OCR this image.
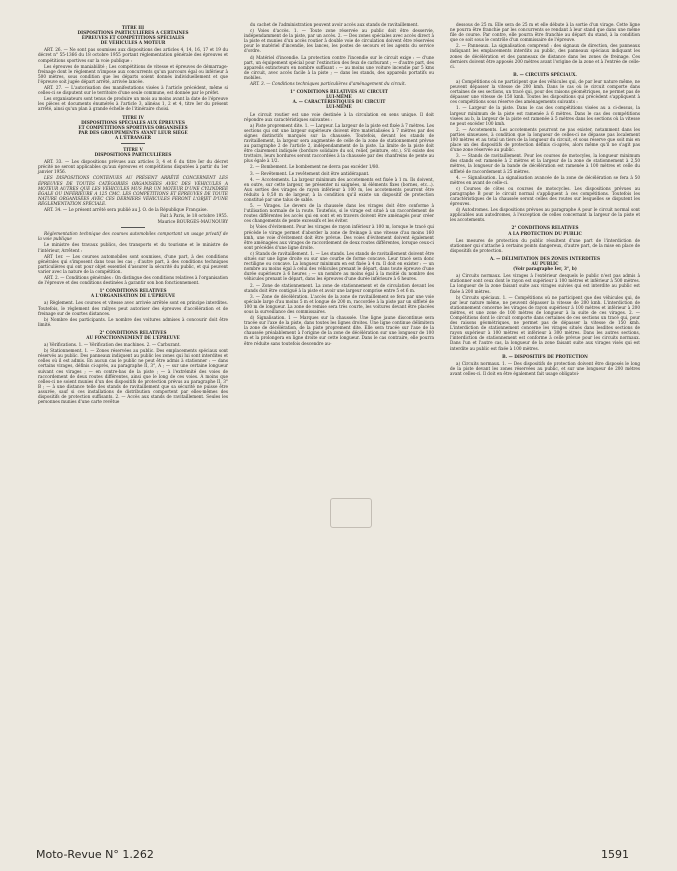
TITRE III
DISPOSITIONS PARTICULIÈRES A CERTAINES
ÉPREUVES ET COMPÉTITIONS SPÉCIALES
DE VÉHICULES A MOTEUR

ART. 26. — Ne sont pas soumises aux dispositions des articles 4, 14, 16, 17 et 19 du décret n° 55-1366 du 18 octobre 1955 portant réglementation générale des épreuves et compétitions sportives sur la voie publique :

Les épreuves de maniabilité ; Les compétitions de vitesse et épreuves de démarrage-freinage dont le règlement n'impose aux concurrents qu'un parcours égal ou inférieur à 500 mètres, sous condition que les départs soient donnés individuellement et que l'épreuve soit jugée départ arrêté, arrivée lancée.

ART. 27. — L'autorisation des manifestations visées à l'article précédent, même si celles-ci se disputent sur le territoire d'une seule commune, est donnée par le préfet.

Les organisateurs sont tenus de produire un mois au moins avant la date de l'épreuve les pièces et documents énumérés à l'article 3, alinéas 1, 2 et 4, titre Ier du présent arrêté, ainsi qu'un plan à grande échelle de l'itinéraire choisi.

TITRE IV
DISPOSITIONS SPÉCIALES AUX ÉPREUVES
ET COMPÉTITIONS SPORTIVES ORGANISÉES
PAR DES GROUPEMENTS AYANT LEUR SIÈGE
A L'ÉTRANGER
TITRE V
DISPOSITIONS PARTICULIÈRES

ART. 33. — Les dispositions prévues aux articles 3, 4 et 6 du titre Ier du décret précité ne seront applicables qu'aux épreuves et compétitions disputées à partir du 1er janvier 1956.

LES DISPOSITIONS CONTENUES AU PRÉSENT ARRÊTÉ CONCERNENT LES ÉPREUVES DE TOUTES CATÉGORIES ORGANISÉES AVEC DES VÉHICULES A MOTEUR AUTRES QUE LES VÉHICULES MUS PAR UN MOTEUR D'UNE CYLINDRÉE ÉGALE OU INFÉRIEURE A 125 CMC. LES COMPÉTITIONS ET ÉPREUVES DE TOUTE NATURE ORGANISÉES AVEC CES DERNIERS VÉHICULES FERONT L'OBJET D'UNE RÉGLEMENTATION SPÉCIALE.

ART. 34. — Le présent arrêté sera publié au J. O. de la République Française.

Fait à Paris, le 18 octobre 1955.

Maurice BOURGES-MAUNOURY

Réglementation technique des courses automobiles comportant un usage privatif de la voie publique

Le ministre des travaux publics, des transports et du tourisme et le ministre de l'intérieur, Arrêtent :

ART 1er. — Les courses automobiles sont soumises, d'une part, à des conditions générales qui s'imposent dans tous les cas ; d'autre part, à des conditions techniques particulières qui ont pour objet essentiel d'assurer la sécurité du public, et qui peuvent varier avec la nature de la compétition.

ART. 2. — Conditions générales : On distingue des conditions relatives à l'organisation de l'épreuve et des conditions destinées à garantir son bon fonctionnement.

1° CONDITIONS RELATIVES
A L'ORGANISATION DE L'ÉPREUVE

a) Règlement. Les courses et vitesse avec arrivée arrêtée sont en principe interdites. Toutefois, le règlement des rallyes peut autoriser des épreuves d'accélération et de freinage sur de courtes distances.

b) Nombre des participants. Le nombre des voitures admises à concourir doit être limité.

2° CONDITIONS RELATIVES
AU FONCTIONNEMENT DE L'ÉPREUVE

a) Vérifications. 1. — Vérification des machines. 2. — Carburant.

b) Stationnement. 1. — Zones réservées au public. Des emplacements spéciaux sont réservés au public. Des panneaux indiquent au public les zones qui lui sont interdites et celles où il est admis. En aucun cas le public ne peut être admis à stationner : — dans certains virages, définis ci-après, au paragraphe II, 3°, A ; — sur une certaine longueur suivant ces virages ; — en contre-bas de la piste ; — à l'extrémité des voies de raccordement de deux routes différentes, ainsi que le long de ces voies. A moins que celles-ci ne soient munies d'un des dispositifs de protection prévus au paragraphe II, 3° B ; — à une distance telle des stands de ravitaillement que sa sécurité ne puisse être assurée, sauf si ces installations de distribution comportent par elles-mêmes des dispositifs de protection suffisants. 2. — Accès aux stands de ravitaillement. Seules les personnes munies d'une carte revêtue

du cachet de l'administration peuvent avoir accès aux stands de ravitaillement.

c) Voies d'accès. 1. — Toute zone réservée au public doit être desservie, indépendamment de la piste, par un accès. 2. — Des zones spéciales avec accès direct à la piste et munies d'un accès routier à double voie de circulation doivent être réservées pour le matériel d'incendie, les lances, les postes de secours et les agents du service d'ordre.

d) Matériel d'incendie. La protection contre l'incendie sur le circuit exige : — d'une part, un équipement spécial pour l'extinction des feux de carburant ; — d'autre part, des appareils extincteurs en nombre suffisant : — au moins une voiture incendie par 5 kms de circuit, avec accès facile à la piste ; — dans les stands, des appareils portatifs ou mobiles.

ART. 3. — Conditions techniques particulières d'aménagement du circuit.

1° CONDITIONS RELATIVES AU CIRCUIT
LUI-MÊME
A. — CARACTÉRISTIQUES DU CIRCUIT
LUI-MÊME

Le circuit routier est une voie destinée à la circulation en sens unique. Il doit répondre aux caractéristiques suivantes :

a) Piste proprement dite. 1. — Largeur. La largeur de la piste est fixée à 7 mètres. Les sections qui ont une largeur supérieure doivent être matérialisées à 7 mètres par des signes distinctifs marqués sur la chaussée. Toutefois, devant les stands de ravitaillement, la largeur sera augmentée de celle de la zone de stationnement prévue au paragraphe 2 de l'article 2, indépendamment de la piste. La limite de la piste doit être clairement indiquée (bordure solidaire du sol, relief, peinture, etc.). S'il existe des trottoirs, leurs bordures seront raccordées à la chaussée par des chanfreins de pente au plus égale à 1/2.

2. — Bombement. Le bombement ne devra pas excéder 1/80.

3. — Revêtement. Le revêtement doit être antidérapant.

4. — Accotements. La largeur minimum des accotements est fixée à 1 m. Ils doivent, en outre, sur cette largeur, ne présenter ni saignées, ni éléments fixes (bornes, etc...). Aux sorties des virages de rayon inférieur à 100 m, les accotements pourront être réduits à 0,50 m de largeur, à la condition qu'il existe un dispositif de protection constitué par une talus de sable.

5. — Virages. Le devers de la chaussée dans les virages doit être conforme à l'utilisation normale de la route. Toutefois, si le virage est situé à un raccordement de routes différentes les accès qui en sont et en travers doivent être aménagés pour créer ces changements de pente excessifs et les éviter.

b) Voies d'évitement. Pour les virages de rayon inférieur à 100 m, lorsque le tracé qui précède le virage permet d'aborder la zone de freinage à une vitesse d'au moins 160 kmh, une voie d'évitement doit être prévue. Des voies d'évitement doivent également être aménagées aux virages de raccordement de deux routes différentes, lorsque ceux-ci sont précédés d'une ligne droite.

c) Stands de ravitaillement. 1. — Les stands. Les stands de ravitaillement doivent être situés sur une ligne droite ou sur une courbe de forme concave. Leur tracé sera donc rectiligne ou concave. La longueur minimum en est fixée à 4 m. Il doit en exister : — un nombre au moins égal à celui des véhicules prenant le départ, dans toute épreuve d'une durée supérieure à 6 heures ; — un nombre au moins égal à la moitié du nombre des véhicules prenant le départ, dans les épreuves d'une durée inférieure à 6 heures.

2. — Zone de stationnement. La zone de stationnement et de circulation devant les stands doit être contiguë à la piste et avoir une largeur comprise entre 5 et 6 m.

3. — Zone de décélération. L'accès de la zone de ravitaillement se fera par une voie spéciale large d'au moins 5 m et longue de 200 m, raccordée à la piste par un siffleté de 100 m de longueur. La zone de remise sera très courte, les voitures devant être placées sous la surveillance des commissaires.

d) Signalisation. 1 — Marques sur la chaussée. Une ligne jaune discontinue sera tracée sur l'axe de la piste, dans toutes les lignes droites. Une ligne continue délimitera la zone de décélération, de la piste proprement dite. Elle sera tracée sur l'axe de la chaussée préalablement à l'origine de la zone de décélération sur une longueur de 100 m et la prolongera en ligne droite sur cette longueur. Dans le cas contraire, elle pourra être réduite sans toutefois descendre au-

dessous de 25 m. Elle sera de 25 m et elle débute à la sortie d'un virage. Cette ligne ne pourra être franchie par les concurrents se rendant à leur stand que dans une même file de course. Par contre, elle pourra être franchie au départ du stand, à la condition que ce soit sous le contrôle d'un commissaire de l'épreuve.

2. — Panneaux. La signalisation comprend : des signaux de direction, des panneaux indiquant les emplacements interdits au public, des panneaux spéciaux indiquant les zones de décélération et des panneaux de distance dans les zones de freinage. Ces derniers doivent être apposés 200 mètres avant l'origine de la zone et à l'entrée de celle-ci.

B. — CIRCUITS SPÉCIAUX.

a) Compétitions où ne participent que des véhicules qui, de par leur nature même, ne peuvent dépasser la vitesse de 200 kmh. Dans le cas où le circuit comporte dans certaines de ses sections, un tracé qui, pour des raisons géométriques, ne permet pas de dépasser une vitesse de 150 kmh. Toutes les dispositions qui précèdent s'appliquent à ces compétitions sous réserve des aménagements suivants :

1. — Largeur de la piste. Dans le cas des compétitions visées au a ci-dessus, la largeur minimum de la piste est ramenée à 6 mètres. Dans le cas des compétitions visées au b, la largeur de la piste est ramenée à 5 mètres dans les sections où la vitesse ne peut excéder 100 kmh.

2. — Accotements. Les accotements pourront ne pas exister, notamment dans les parties sinueuses, à condition que la longueur de celles-ci ne dépasse pas localement 100 mètres et au total un tiers de la longueur du circuit, et sous réserve que soit mis en place un des dispositifs de protection définis ci-après, alors même qu'il ne s'agit pas d'une zone réservée au public.

3. — Stands de ravitaillement. Pour les courses de motocyles, la longueur minimum des stands est ramenée à 2 mètres et la largeur de la zone de stationnement à 2,50 mètres, la longueur de la bande de décélération est ramenée à 100 mètres et celle du siffleté de raccordement à 25 mètres.

4. — Signalisation. La signalisation avancée de la zone de décélération se fera à 50 mètres en avant de celle-ci.

c) Courses de côtes ou courses de motocycles. Les dispositions prévues au paragraphe B pour le circuit normal s'appliquent à ces compétitions. Toutefois les caractéristiques de la chaussée seront celles des routes sur lesquelles se disputent les épreuves.

d) Autodromes. Les dispositions prévues au paragraphe A pour le circuit normal sont applicables aux autodromes, à l'exception de celles concernant la largeur de la piste et les accotements.

2° CONDITIONS RELATIVES
A LA PROTECTION DU PUBLIC

Les mesures de protection du public résultent d'une part de l'interdiction de stationner qui s'attache à certains points dangereux, d'autre part, de la mise en place de dispositifs de protection.

A. — DÉLIMITATION DES ZONES INTERDITES
AU PUBLIC
(Voir paragraphe Ier, 3°, b)

a) Circuits normaux. Les virages à l'extérieur desquels le public n'est pas admis à stationner sont ceux dont le rayon est supérieur à 100 mètres et inférieur à 500 mètres. La longueur de la zone faisant suite aux virages suivies qui est interdite au public est fixée à 200 mètres.

b) Circuits spéciaux. 1. — Compétitions où ne participent que des véhicules qui, de par leur nature même, ne peuvent dépasser la vitesse de 200 kmh. L'interdiction de stationnement concerne les virages de rayon supérieur à 100 mètres et inférieur à 200 mètres, et une zone de 100 mètres de longueur à la suite de ces virages. 2. — Compétitions dont le circuit comporte dans certaines de ces sections un tracé qui, pour des raisons géométriques, ne permet pas de dépasser la vitesse de 150 kmh. L'interdiction de stationnement concerne les virages situés dans lesdites sections de rayon supérieur à 100 mètres et inférieur à 300 mètres. Dans les autres sections, l'interdiction de stationnement est conforme à celle prévue pour les circuits normaux. Dans l'un et l'autre cas, la longueur de la zone faisant suite aux virages visés qui est interdite au public est fixée à 100 mètres.

B. — DISPOSITIFS DE PROTECTION

a) Circuits normaux. 1. — Des dispositifs de protection doivent être disposés le long de la piste devant les zones réservées au public, et sur une longueur de 200 mètres avant celles-ci. Il doit en être également fait usage obligatoi-

Moto-Revue N° 1.262	1591
